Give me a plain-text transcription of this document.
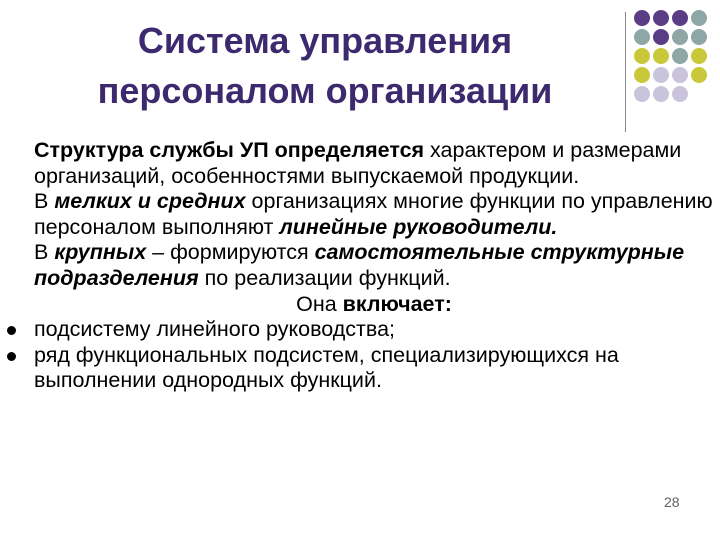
Система управления
персоналом организации

Структура службы УП определяется характером и размерами организаций, особенностями выпускаемой продукции.

В мелких и средних организациях многие функции по управлению персоналом выполняют линейные руководители.

В крупных – формируются самостоятельные структурные подразделения по реализации функций.

Она включает:

подсистему линейного руководства;
ряд функциональных подсистем, специализирующихся на выполнении однородных функций.
28
